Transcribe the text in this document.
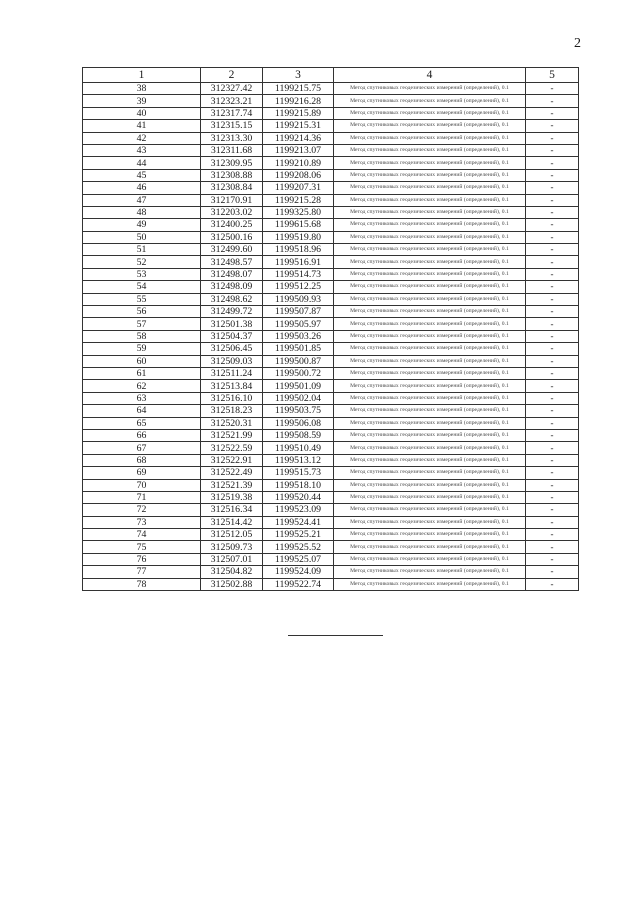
2
1	2	3	4	5
38	312327.42	1199215.75	Метод спутниковых геодезических измерений (определений), 0.1	-
39	312323.21	1199216.28	Метод спутниковых геодезических измерений (определений), 0.1	-
40	312317.74	1199215.89	Метод спутниковых геодезических измерений (определений), 0.1	-
41	312315.15	1199215.31	Метод спутниковых геодезических измерений (определений), 0.1	-
42	312313.30	1199214.36	Метод спутниковых геодезических измерений (определений), 0.1	-
43	312311.68	1199213.07	Метод спутниковых геодезических измерений (определений), 0.1	-
44	312309.95	1199210.89	Метод спутниковых геодезических измерений (определений), 0.1	-
45	312308.88	1199208.06	Метод спутниковых геодезических измерений (определений), 0.1	-
46	312308.84	1199207.31	Метод спутниковых геодезических измерений (определений), 0.1	-
47	312170.91	1199215.28	Метод спутниковых геодезических измерений (определений), 0.1	-
48	312203.02	1199325.80	Метод спутниковых геодезических измерений (определений), 0.1	-
49	312400.25	1199615.68	Метод спутниковых геодезических измерений (определений), 0.1	-
50	312500.16	1199519.80	Метод спутниковых геодезических измерений (определений), 0.1	-
51	312499.60	1199518.96	Метод спутниковых геодезических измерений (определений), 0.1	-
52	312498.57	1199516.91	Метод спутниковых геодезических измерений (определений), 0.1	-
53	312498.07	1199514.73	Метод спутниковых геодезических измерений (определений), 0.1	-
54	312498.09	1199512.25	Метод спутниковых геодезических измерений (определений), 0.1	-
55	312498.62	1199509.93	Метод спутниковых геодезических измерений (определений), 0.1	-
56	312499.72	1199507.87	Метод спутниковых геодезических измерений (определений), 0.1	-
57	312501.38	1199505.97	Метод спутниковых геодезических измерений (определений), 0.1	-
58	312504.37	1199503.26	Метод спутниковых геодезических измерений (определений), 0.1	-
59	312506.45	1199501.85	Метод спутниковых геодезических измерений (определений), 0.1	-
60	312509.03	1199500.87	Метод спутниковых геодезических измерений (определений), 0.1	-
61	312511.24	1199500.72	Метод спутниковых геодезических измерений (определений), 0.1	-
62	312513.84	1199501.09	Метод спутниковых геодезических измерений (определений), 0.1	-
63	312516.10	1199502.04	Метод спутниковых геодезических измерений (определений), 0.1	-
64	312518.23	1199503.75	Метод спутниковых геодезических измерений (определений), 0.1	-
65	312520.31	1199506.08	Метод спутниковых геодезических измерений (определений), 0.1	-
66	312521.99	1199508.59	Метод спутниковых геодезических измерений (определений), 0.1	-
67	312522.59	1199510.49	Метод спутниковых геодезических измерений (определений), 0.1	-
68	312522.91	1199513.12	Метод спутниковых геодезических измерений (определений), 0.1	-
69	312522.49	1199515.73	Метод спутниковых геодезических измерений (определений), 0.1	-
70	312521.39	1199518.10	Метод спутниковых геодезических измерений (определений), 0.1	-
71	312519.38	1199520.44	Метод спутниковых геодезических измерений (определений), 0.1	-
72	312516.34	1199523.09	Метод спутниковых геодезических измерений (определений), 0.1	-
73	312514.42	1199524.41	Метод спутниковых геодезических измерений (определений), 0.1	-
74	312512.05	1199525.21	Метод спутниковых геодезических измерений (определений), 0.1	-
75	312509.73	1199525.52	Метод спутниковых геодезических измерений (определений), 0.1	-
76	312507.01	1199525.07	Метод спутниковых геодезических измерений (определений), 0.1	-
77	312504.82	1199524.09	Метод спутниковых геодезических измерений (определений), 0.1	-
78	312502.88	1199522.74	Метод спутниковых геодезических измерений (определений), 0.1	-
